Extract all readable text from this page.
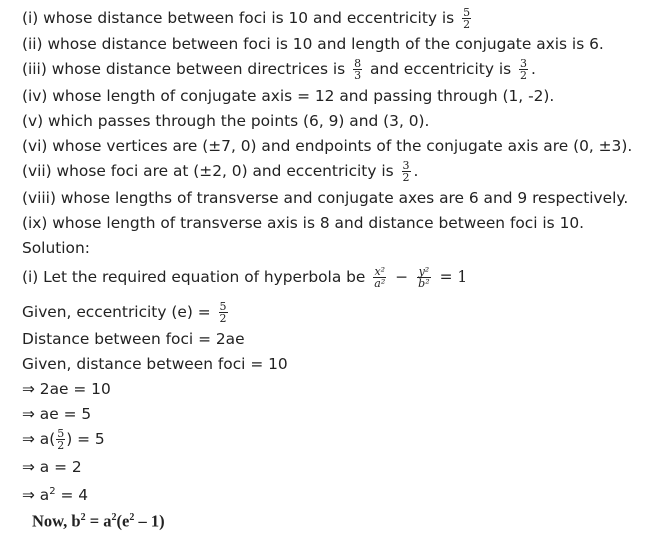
(i) whose distance between foci is 10 and eccentricity is $\frac{5}{2}$
(ii) whose distance between foci is 10 and length of the conjugate axis is 6.
(iii) whose distance between directrices is $\frac{8}{3}$ and eccentricity is $\frac{3}{2}$ .
(iv) whose length of conjugate axis = 12 and passing through (1, -2).
(v) which passes through the points (6, 9) and (3, 0).
(vi) whose vertices are (±7, 0) and endpoints of the conjugate axis are (0, ±3).
(vii) whose foci are at (±2, 0) and eccentricity is $\frac{3}{2}$ .
(viii) whose lengths of transverse and conjugate axes are 6 and 9 respectively.
(ix) whose length of transverse axis is 8 and distance between foci is 10.
Solution:
(i) Let the required equation of hyperbola be $\frac{\text{x²}}{\text{a²}} - \frac{\text{y²}}{\text{b²}} = 1$
Given, eccentricity $(e) = \frac{5}{2}$
Distance between foci = 2ae
Given, distance between foci = 10
⇒ 2ae = 10
⇒ ae = 5
⇒ $a( \frac{5}{2}$ ) = 5
⇒ a = 2
⇒ $a^2 = 4$
Now, $b^2 = a^2(e^2 - 1)$
